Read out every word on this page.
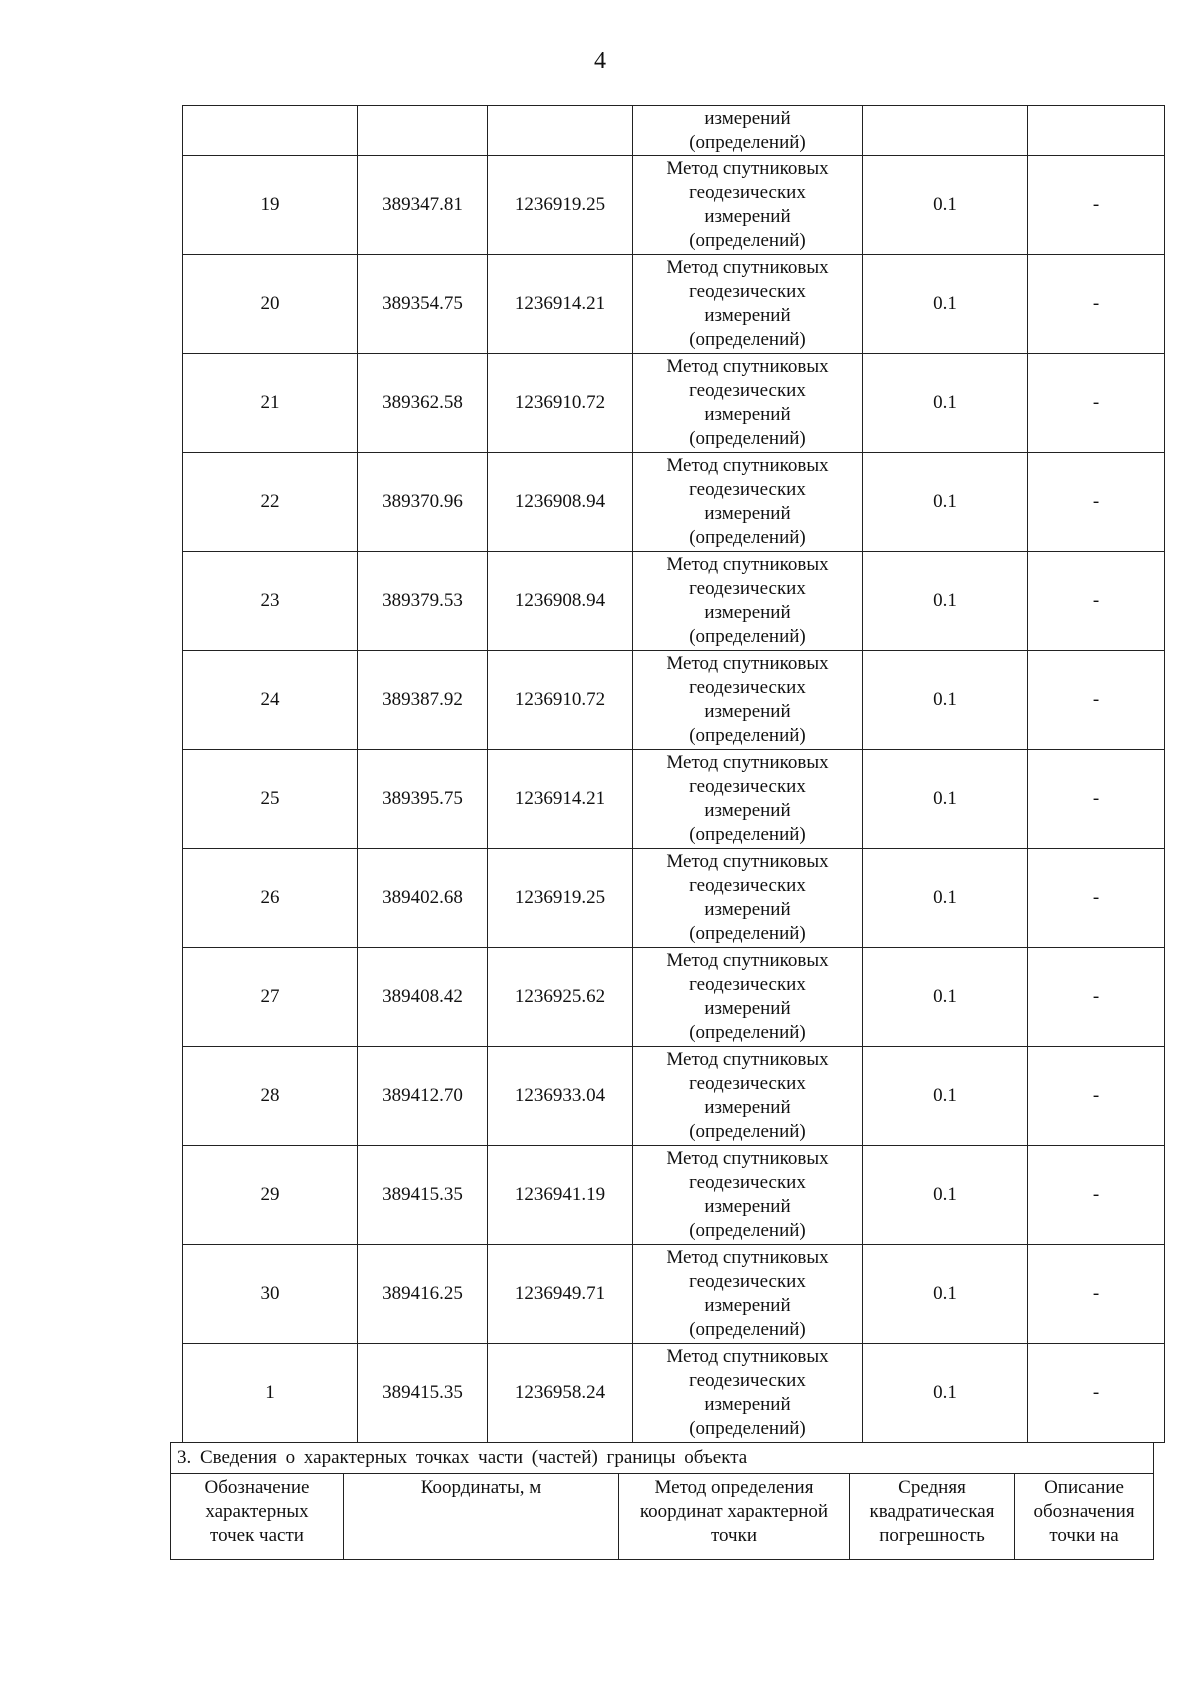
4
			измерений
(определений)		
19	389347.81	1236919.25	Метод спутниковых
геодезических
измерений
(определений)	0.1	-
20	389354.75	1236914.21	Метод спутниковых
геодезических
измерений
(определений)	0.1	-
21	389362.58	1236910.72	Метод спутниковых
геодезических
измерений
(определений)	0.1	-
22	389370.96	1236908.94	Метод спутниковых
геодезических
измерений
(определений)	0.1	-
23	389379.53	1236908.94	Метод спутниковых
геодезических
измерений
(определений)	0.1	-
24	389387.92	1236910.72	Метод спутниковых
геодезических
измерений
(определений)	0.1	-
25	389395.75	1236914.21	Метод спутниковых
геодезических
измерений
(определений)	0.1	-
26	389402.68	1236919.25	Метод спутниковых
геодезических
измерений
(определений)	0.1	-
27	389408.42	1236925.62	Метод спутниковых
геодезических
измерений
(определений)	0.1	-
28	389412.70	1236933.04	Метод спутниковых
геодезических
измерений
(определений)	0.1	-
29	389415.35	1236941.19	Метод спутниковых
геодезических
измерений
(определений)	0.1	-
30	389416.25	1236949.71	Метод спутниковых
геодезических
измерений
(определений)	0.1	-
1	389415.35	1236958.24	Метод спутниковых
геодезических
измерений
(определений)	0.1	-
3. Сведения о характерных точках части (частей) границы объекта
Обозначение
характерных
точек части	Координаты, м	Метод определения
координат характерной
точки	Средняя
квадратическая
погрешность	Описание
обозначения
точки на
